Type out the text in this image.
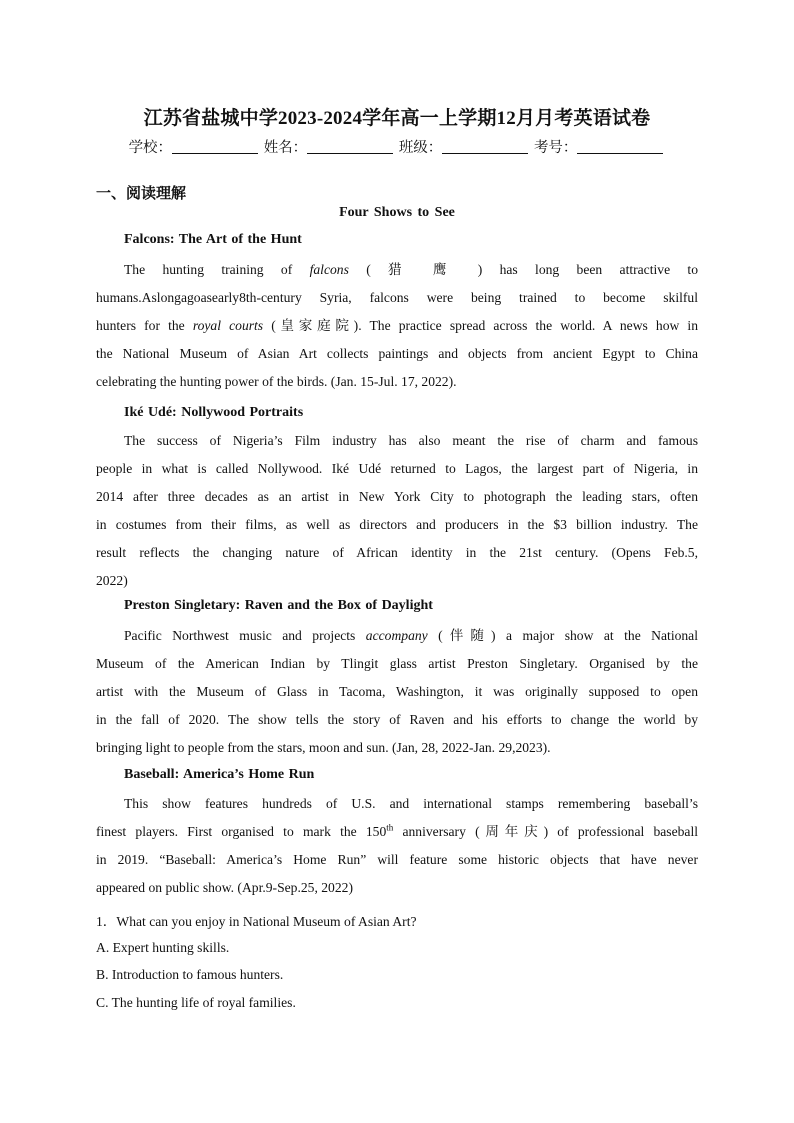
江苏省盐城中学2023-2024学年高一上学期12月月考英语试卷
学校：	姓名：	班级：	考号：
一、阅读理解
Four Shows to See
Falcons: The Art of the Hunt
The hunting training of falcons ( 猎 鹰 ) has long been attractive to
humans.Aslongagoasearly8th-century Syria, falcons were being trained to become skilful
hunters for the royal courts (皇家庭院). The practice spread across the world. A news how in
the National Museum of Asian Art collects paintings and objects from ancient Egypt to China
celebrating the hunting power of the birds. (Jan. 15-Jul. 17, 2022).
Iké Udé: Nollywood Portraits
The success of Nigeria’s Film industry has also meant the rise of charm and famous
people in what is called Nollywood. Iké Udé returned to Lagos, the largest part of Nigeria, in
2014 after three decades as an artist in New York City to photograph the leading stars, often
in costumes from their films, as well as directors and producers in the $3 billion industry. The
result reflects the changing nature of African identity in the 21st century. (Opens Feb.5,
2022)
Preston Singletary: Raven and the Box of Daylight
Pacific Northwest music and projects accompany (伴随) a major show at the National
Museum of the American Indian by Tlingit glass artist Preston Singletary. Organised by the
artist with the Museum of Glass in Tacoma, Washington, it was originally supposed to open
in the fall of 2020. The show tells the story of Raven and his efforts to change the world by
bringing light to people from the stars, moon and sun. (Jan, 28, 2022-Jan. 29,2023).
Baseball: America’s Home Run
This show features hundreds of U.S. and international stamps remembering baseball’s
finest players. First organised to mark the 150th anniversary (周年庆) of professional baseball
in 2019. “Baseball: America’s Home Run” will feature some historic objects that have never
appeared on public show. (Apr.9-Sep.25, 2022)
1．What can you enjoy in National Museum of Asian Art?
A. Expert hunting skills.
B. Introduction to famous hunters.
C. The hunting life of royal families.
